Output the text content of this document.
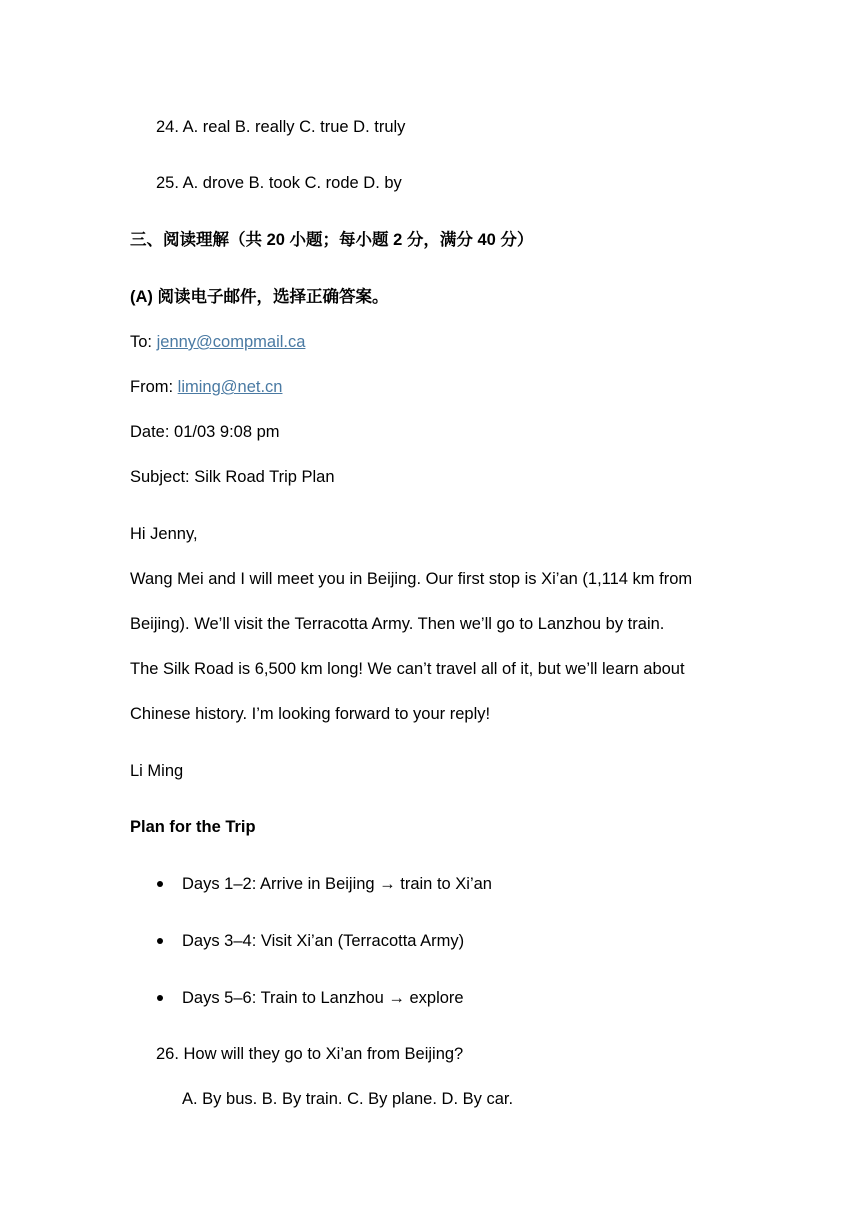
24. A. real B. really C. true D. truly
25. A. drove B. took C. rode D. by
三、阅读理解（共 20 小题；每小题 2 分，满分 40 分）
(A) 阅读电子邮件，选择正确答案。
To: jenny@compmail.ca
From: liming@net.cn
Date: 01/03 9:08 pm
Subject: Silk Road Trip Plan
Hi Jenny,
Wang Mei and I will meet you in Beijing. Our first stop is Xi’an (1,114 km from
Beijing). We’ll visit the Terracotta Army. Then we’ll go to Lanzhou by train.
The Silk Road is 6,500 km long! We can’t travel all of it, but we’ll learn about
Chinese history. I’m looking forward to your reply!
Li Ming
Plan for the Trip
Days 1–2: Arrive in Beijing → train to Xi’an
Days 3–4: Visit Xi’an (Terracotta Army)
Days 5–6: Train to Lanzhou → explore
26. How will they go to Xi’an from Beijing?
A. By bus. B. By train. C. By plane. D. By car.
